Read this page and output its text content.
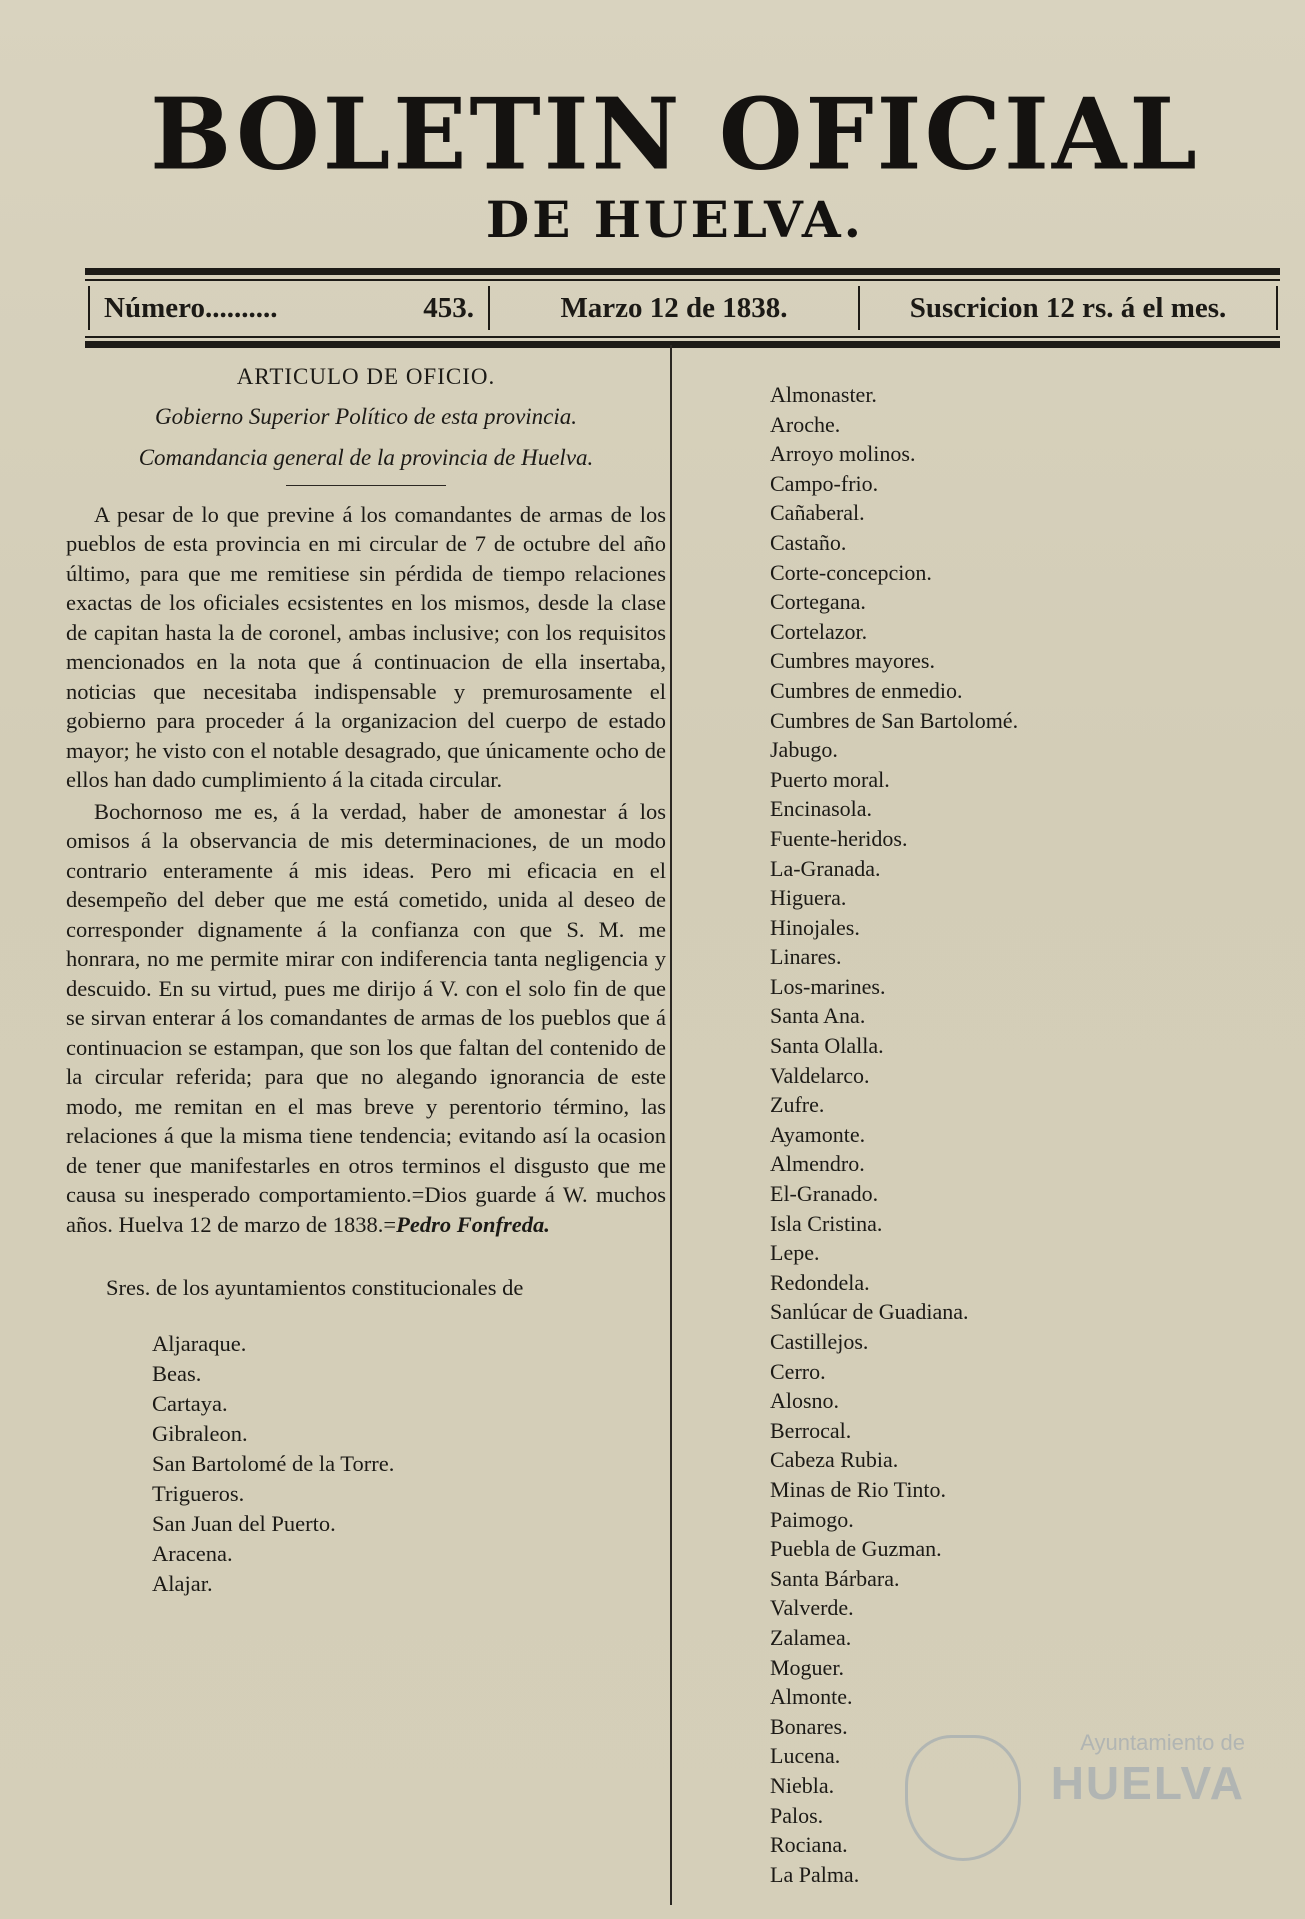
BOLETIN OFICIAL
DE HUELVA.
Número..........	453.	Marzo 12 de 1838.	Suscricion 12 rs. á el mes.

ARTICULO DE OFICIO.

Gobierno Superior Político de esta provincia.

Comandancia general de la provincia de Huelva.

A pesar de lo que previne á los comandantes de armas de los pueblos de esta provincia en mi circular de 7 de octubre del año último, para que me remitiese sin pérdida de tiempo relaciones exactas de los oficiales ecsistentes en los mismos, desde la clase de capitan hasta la de coronel, ambas inclusive; con los requisitos mencionados en la nota que á continuacion de ella insertaba, noticias que necesitaba indispensable y premurosamente el gobierno para proceder á la organizacion del cuerpo de estado mayor; he visto con el notable desagrado, que únicamente ocho de ellos han dado cumplimiento á la citada circular.

Bochornoso me es, á la verdad, haber de amonestar á los omisos á la observancia de mis determinaciones, de un modo contrario enteramente á mis ideas. Pero mi eficacia en el desempeño del deber que me está cometido, unida al deseo de corresponder dignamente á la confianza con que S. M. me honrara, no me permite mirar con indiferencia tanta negligencia y descuido. En su virtud, pues me dirijo á V. con el solo fin de que se sirvan enterar á los comandantes de armas de los pueblos que á continuacion se estampan, que son los que faltan del contenido de la circular referida; para que no alegando ignorancia de este modo, me remitan en el mas breve y perentorio término, las relaciones á que la misma tiene tendencia; evitando así la ocasion de tener que manifestarles en otros terminos el disgusto que me causa su inesperado comportamiento.=Dios guarde á W. muchos años. Huelva 12 de marzo de 1838.=Pedro Fonfreda.

Sres. de los ayuntamientos constitucionales de

Aljaraque.
Beas.
Cartaya.
Gibraleon.
San Bartolomé de la Torre.
Trigueros.
San Juan del Puerto.
Aracena.
Alajar.
Almonaster.
Aroche.
Arroyo molinos.
Campo-frio.
Cañaberal.
Castaño.
Corte-concepcion.
Cortegana.
Cortelazor.
Cumbres mayores.
Cumbres de enmedio.
Cumbres de San Bartolomé.
Jabugo.
Puerto moral.
Encinasola.
Fuente-heridos.
La-Granada.
Higuera.
Hinojales.
Linares.
Los-marines.
Santa Ana.
Santa Olalla.
Valdelarco.
Zufre.
Ayamonte.
Almendro.
El-Granado.
Isla Cristina.
Lepe.
Redondela.
Sanlúcar de Guadiana.
Castillejos.
Cerro.
Alosno.
Berrocal.
Cabeza Rubia.
Minas de Rio Tinto.
Paimogo.
Puebla de Guzman.
Santa Bárbara.
Valverde.
Zalamea.
Moguer.
Almonte.
Bonares.
Lucena.
Niebla.
Palos.
Rociana.
La Palma.
Ayuntamiento de
HUELVA
